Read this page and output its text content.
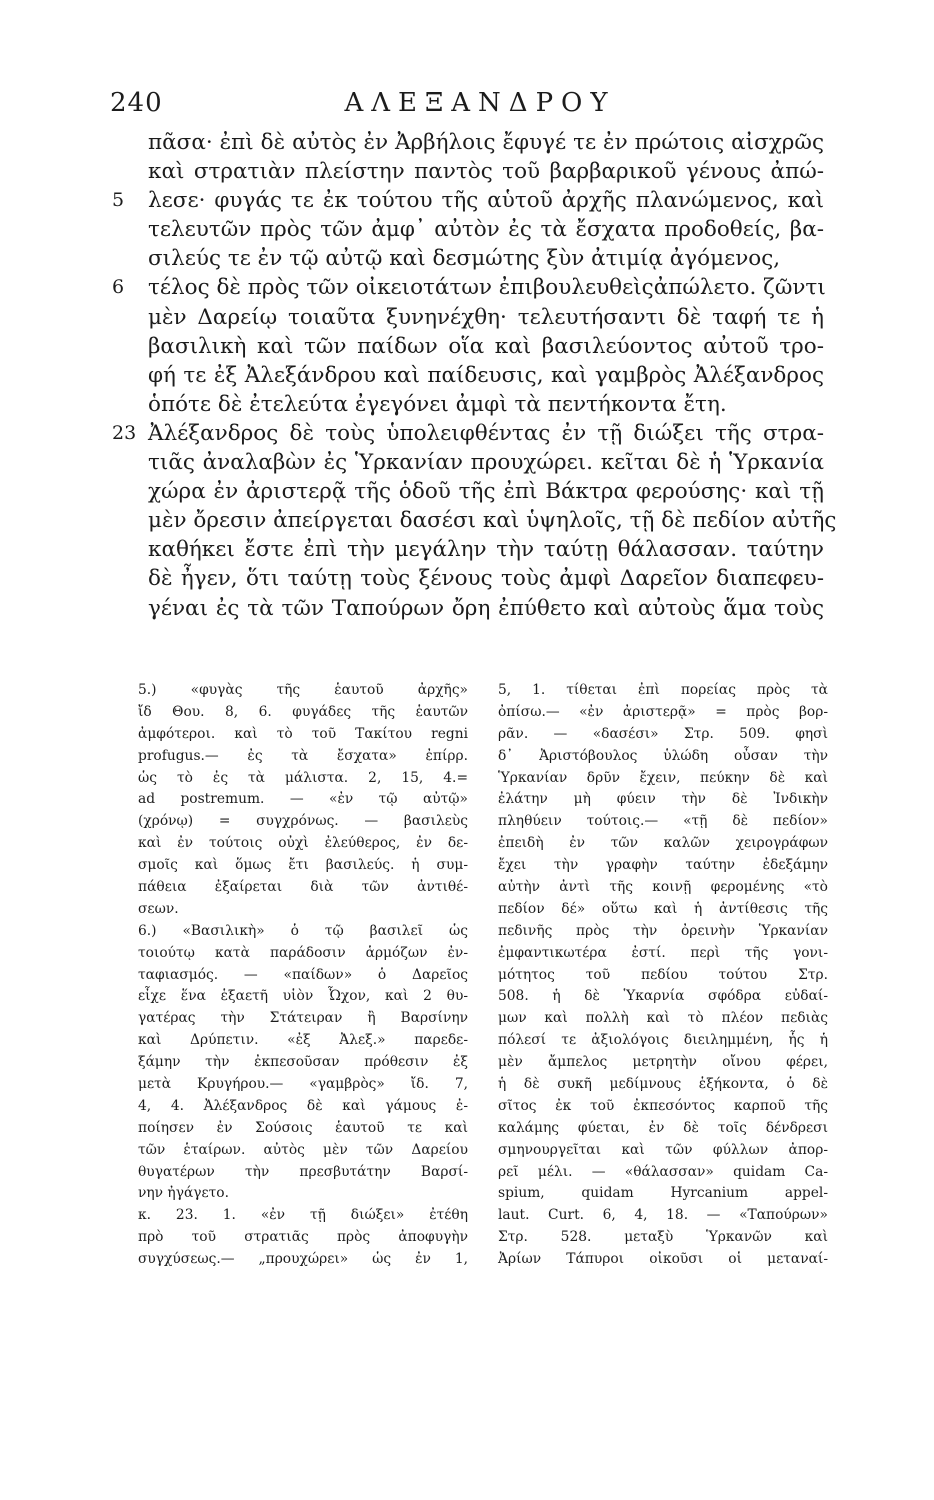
240	ΑΛΕΞΑΝΔΡΟΥ
πᾶσα· ἐπὶ δὲ αὐτὸς ἐν Ἀρβήλοις ἔφυγέ τε ἐν πρώτοις αἰσχρῶς
καὶ στρατιὰν πλείστην παντὸς τοῦ βαρβαρικοῦ γένους ἀπώ-
5 λεσε· φυγάς τε ἐκ τούτου τῆς αὑτοῦ ἀρχῆς πλανώμενος, καὶ
τελευτῶν πρὸς τῶν ἀμφ᾿ αὐτὸν ἐς τὰ ἔσχατα προδοθείς, βα-
σιλεύς τε ἐν τῷ αὐτῷ καὶ δεσμώτης ξὺν ἀτιμίᾳ ἀγόμενος,
6 τέλος δὲ πρὸς τῶν οἰκειοτάτων ἐπιβουλευθεὶςἀπώλετο. ζῶντι
μὲν Δαρείῳ τοιαῦτα ξυνηνέχθη· τελευτήσαντι δὲ ταφή τε ἡ
βασιλικὴ καὶ τῶν παίδων οἵα καὶ βασιλεύοντος αὐτοῦ τρο-
φή τε ἐξ Ἀλεξάνδρου καὶ παίδευσις, καὶ γαμβρὸς Ἀλέξανδρος
ὁπότε δὲ ἐτελεύτα ἐγεγόνει ἀμφὶ τὰ πεντήκοντα ἔτη.
23 Ἀλέξανδρος δὲ τοὺς ὑπολειφθέντας ἐν τῇ διώξει τῆς στρα-
τιᾶς ἀναλαβὼν ἐς Ὑρκανίαν προυχώρει. κεῖται δὲ ἡ Ὑρκανία
χώρα ἐν ἀριστερᾷ τῆς ὁδοῦ τῆς ἐπὶ Βάκτρα φερούσης· καὶ τῇ
μὲν ὄρεσιν ἀπείργεται δασέσι καὶ ὑψηλοῖς, τῇ δὲ πεδίον αὐτῆς
καθήκει ἔστε ἐπὶ τὴν μεγάλην τὴν ταύτῃ θάλασσαν. ταύτην
δὲ ἦγεν, ὅτι ταύτῃ τοὺς ξένους τοὺς ἀμφὶ Δαρεῖον διαπεφευ-
γέναι ἐς τὰ τῶν Ταπούρων ὄρη ἐπύθετο καὶ αὐτοὺς ἅμα τοὺς
5.) «φυγὰς τῆς ἑαυτοῦ ἀρχῆς»
ἴδ Θου. 8, 6. φυγάδες τῆς ἑαυτῶν
ἀμφότεροι. καὶ τὸ τοῦ Τακίτου regni
profugus.— ἐς τὰ ἔσχατα» ἐπίρρ.
ὡς τὸ ἐς τὰ μάλιστα. 2, 15, 4.=
ad postremum. — «ἐν τῷ αὐτῷ»
(χρόνῳ) = συγχρόνως. — βασιλεὺς
καὶ ἐν τούτοις οὐχὶ ἐλεύθερος, ἐν δε-
σμοῖς καὶ ὅμως ἔτι βασιλεύς. ἡ συμ-
πάθεια ἐξαίρεται διὰ τῶν ἀντιθέ-
σεων.
6.) «Βασιλικὴ» ὁ τῷ βασιλεῖ ὡς
τοιούτῳ κατὰ παράδοσιν ἁρμόζων ἐν-
ταφιασμός. — «παίδων» ὁ Δαρεῖος
εἶχε ἕνα ἑξαετῆ υἱὸν Ὦχον, καὶ 2 θυ-
γατέρας τὴν Στάτειραν ἢ Βαρσίνην
καὶ Δρύπετιν. «ἐξ Ἀλεξ.» παρεδε-
ξάμην τὴν ἐκπεσοῦσαν πρόθεσιν ἐξ
μετὰ Κρυγήρου.— «γαμβρὸς» ἴδ. 7,
4, 4. Ἀλέξανδρος δὲ καὶ γάμους ἐ-
ποίησεν ἐν Σούσοις ἑαυτοῦ τε καὶ
τῶν ἑταίρων. αὐτὸς μὲν τῶν Δαρείου
θυγατέρων τὴν πρεσβυτάτην Βαρσί-
νην ἠγάγετο.
κ. 23. 1. «ἐν τῇ διώξει» ἐτέθη
πρὸ τοῦ στρατιᾶς πρὸς ἀποφυγὴν
συγχύσεως.— „προυχώρει» ὡς ἐν 1,
5, 1. τίθεται ἐπὶ πορείας πρὸς τὰ
ὀπίσω.— «ἐν ἀριστερᾷ» = πρὸς βορ-
ρᾶν. — «δασέσι» Στρ. 509. φησὶ
δ᾿ Ἀριστόβουλος ὑλώδη οὖσαν τὴν
Ὑρκανίαν δρῦν ἔχειν, πεύκην δὲ καὶ
ἐλάτην μὴ φύειν τὴν δὲ Ἰνδικὴν
πληθύειν τούτοις.— «τῇ δὲ πεδίον»
ἐπειδὴ ἐν τῶν καλῶν χειρογράφων
ἔχει τὴν γραφὴν ταύτην ἐδεξάμην
αὐτὴν ἀντὶ τῆς κοινῇ φερομένης «τὸ
πεδίον δέ» οὕτω καὶ ἡ ἀντίθεσις τῆς
πεδινῆς πρὸς τὴν ὀρεινὴν Ὑρκανίαν
ἐμφαντικωτέρα ἐστί. περὶ τῆς γονι-
μότητος τοῦ πεδίου τούτου Στρ.
508. ἡ δὲ Ὑκαρνία σφόδρα εὐδαί-
μων καὶ πολλὴ καὶ τὸ πλέον πεδιὰς
πόλεσί τε ἀξιολόγοις διειλημμένη, ἧς ἡ
μὲν ἄμπελος μετρητὴν οἴνου φέρει,
ἡ δὲ συκῆ μεδίμνους ἑξήκοντα, ὁ δὲ
σῖτος ἐκ τοῦ ἐκπεσόντος καρποῦ τῆς
καλάμης φύεται, ἐν δὲ τοῖς δένδρεσι
σμηνουργεῖται καὶ τῶν φύλλων ἀπορ-
ρεῖ μέλι. — «θάλασσαν» quidam Ca-
spium, quidam Hyrcanium appel-
laut. Curt. 6, 4, 18. — «Ταπούρων»
Στρ. 528. μεταξὺ Ὑρκανῶν καὶ
Ἀρίων Τάπυροι οἰκοῦσι οἱ μεταναί-
